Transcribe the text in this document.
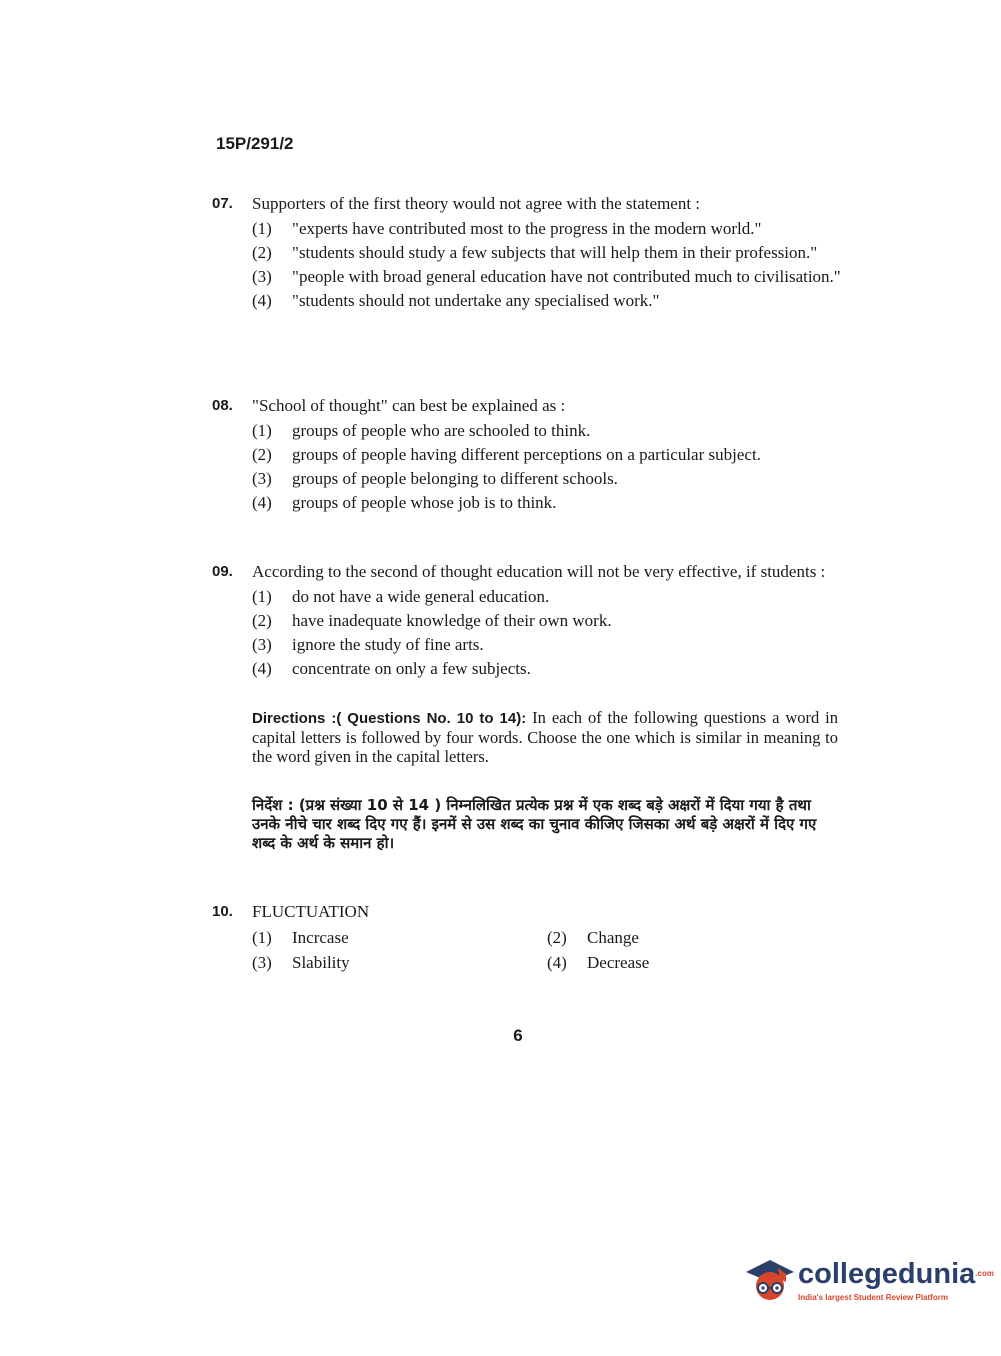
15P/291/2
07.	Supporters of the first theory would not agree with the statement :
(1)	"experts have contributed most to the progress in the modern world."
(2)	"students should study a few subjects that will help them in their profession."
(3)	"people with broad general education have not contributed much to civilisation."
(4)	"students should not undertake any specialised work."
08.	"School of thought" can best be explained as :
(1)	groups of people who are schooled to think.
(2)	groups of people having different perceptions on a particular subject.
(3)	groups of people belonging to different schools.
(4)	groups of people whose job is to think.
09.	According to the second of thought education will not be very effective, if students :
(1)	do not have a wide general education.
(2)	have inadequate knowledge of their own work.
(3)	ignore the study of fine arts.
(4)	concentrate on only a few subjects.
Directions :( Questions No. 10 to 14): In each of the following questions a word in capital letters is followed by four words. Choose the one which is similar in meaning to the word given in the capital letters.
निर्देश : (प्रश्न संख्या 10 से 14 ) निम्नलिखित प्रत्येक प्रश्न में एक शब्द बड़े अक्षरों में दिया गया है तथा उनके नीचे चार शब्द दिए गए हैं। इनमें से उस शब्द का चुनाव कीजिए जिसका अर्थ बड़े अक्षरों में दिए गए शब्द के अर्थ के समान हो।
10.	FLUCTUATION
(1)	Incrcase	(2)	Change
(3)	Slability	(4)	Decrease
6
collegedunia$^{.com}$
India's largest Student Review Platform
